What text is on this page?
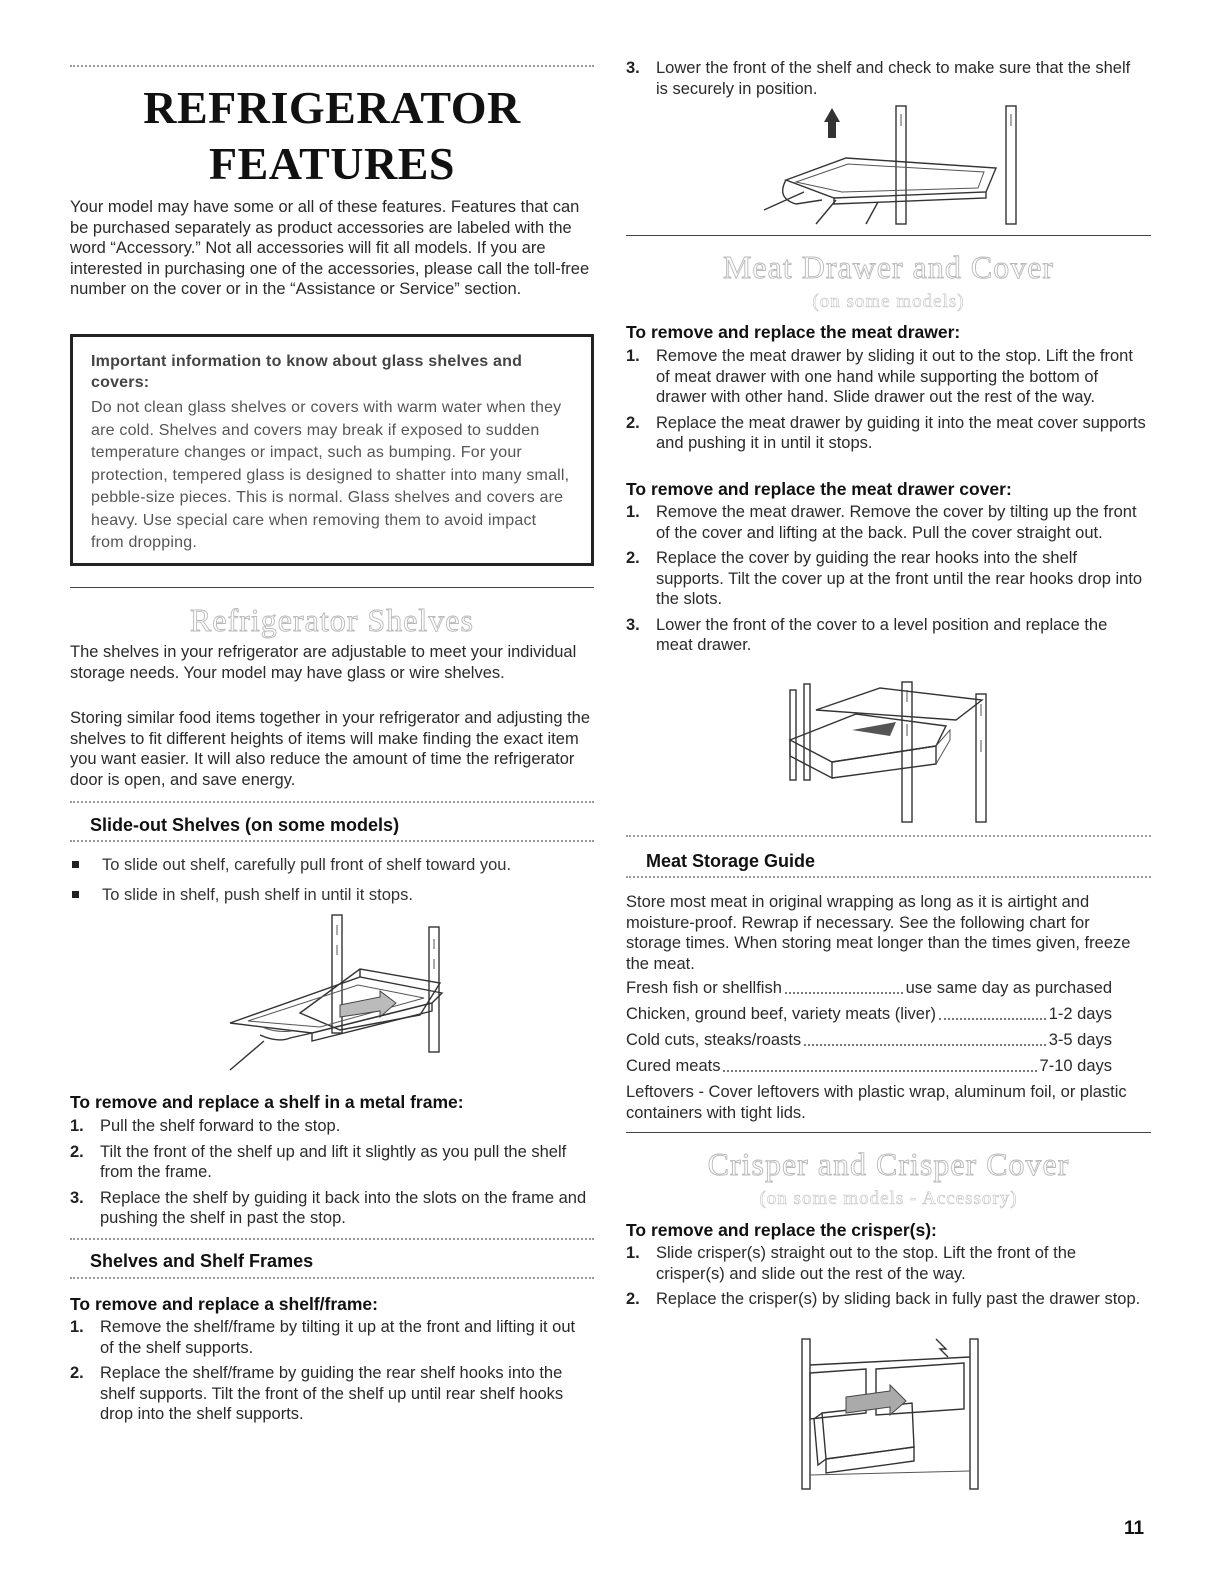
REFRIGERATOR

FEATURES

Your model may have some or all of these features. Features that can be purchased separately as product accessories are labeled with the word “Accessory.” Not all accessories will fit all models. If you are interested in purchasing one of the accessories, please call the toll-free number on the cover or in the “Assistance or Service” section.

Important information to know about glass shelves and covers:

Do not clean glass shelves or covers with warm water when they are cold. Shelves and covers may break if exposed to sudden temperature changes or impact, such as bumping. For your protection, tempered glass is designed to shatter into many small, pebble-size pieces. This is normal. Glass shelves and covers are heavy. Use special care when removing them to avoid impact from dropping.

Refrigerator Shelves

The shelves in your refrigerator are adjustable to meet your individual storage needs. Your model may have glass or wire shelves.

Storing similar food items together in your refrigerator and adjusting the shelves to fit different heights of items will make finding the exact item you want easier. It will also reduce the amount of time the refrigerator door is open, and save energy.

Slide-out Shelves (on some models)
To slide out shelf, carefully pull front of shelf toward you.
To slide in shelf, push shelf in until it stops.
To remove and replace a shelf in a metal frame:
1. Pull the shelf forward to the stop.
2. Tilt the front of the shelf up and lift it slightly as you pull the shelf from the frame.
3. Replace the shelf by guiding it back into the slots on the frame and pushing the shelf in past the stop.
Shelves and Shelf Frames
To remove and replace a shelf/frame:
1. Remove the shelf/frame by tilting it up at the front and lifting it out of the shelf supports.
2. Replace the shelf/frame by guiding the rear shelf hooks into the shelf supports. Tilt the front of the shelf up until rear shelf hooks drop into the shelf supports.
3. Lower the front of the shelf and check to make sure that the shelf is securely in position.
Meat Drawer and Cover
(on some models)
To remove and replace the meat drawer:
1. Remove the meat drawer by sliding it out to the stop. Lift the front of meat drawer with one hand while supporting the bottom of drawer with other hand. Slide drawer out the rest of the way.
2. Replace the meat drawer by guiding it into the meat cover supports and pushing it in until it stops.
To remove and replace the meat drawer cover:
1. Remove the meat drawer. Remove the cover by tilting up the front of the cover and lifting at the back. Pull the cover straight out.
2. Replace the cover by guiding the rear hooks into the shelf supports. Tilt the cover up at the front until the rear hooks drop into the slots.
3. Lower the front of the cover to a level position and replace the meat drawer.
Meat Storage Guide

Store most meat in original wrapping as long as it is airtight and moisture-proof. Rewrap if necessary. See the following chart for storage times. When storing meat longer than the times given, freeze the meat.

Fresh fish or shellfish	use same day as purchased
Chicken, ground beef, variety meats (liver)	1-2 days
Cold cuts, steaks/roasts	3-5 days
Cured meats	7-10 days

Leftovers - Cover leftovers with plastic wrap, aluminum foil, or plastic containers with tight lids.

Crisper and Crisper Cover
(on some models - Accessory)
To remove and replace the crisper(s):
1. Slide crisper(s) straight out to the stop. Lift the front of the crisper(s) and slide out the rest of the way.
2. Replace the crisper(s) by sliding back in fully past the drawer stop.
11
